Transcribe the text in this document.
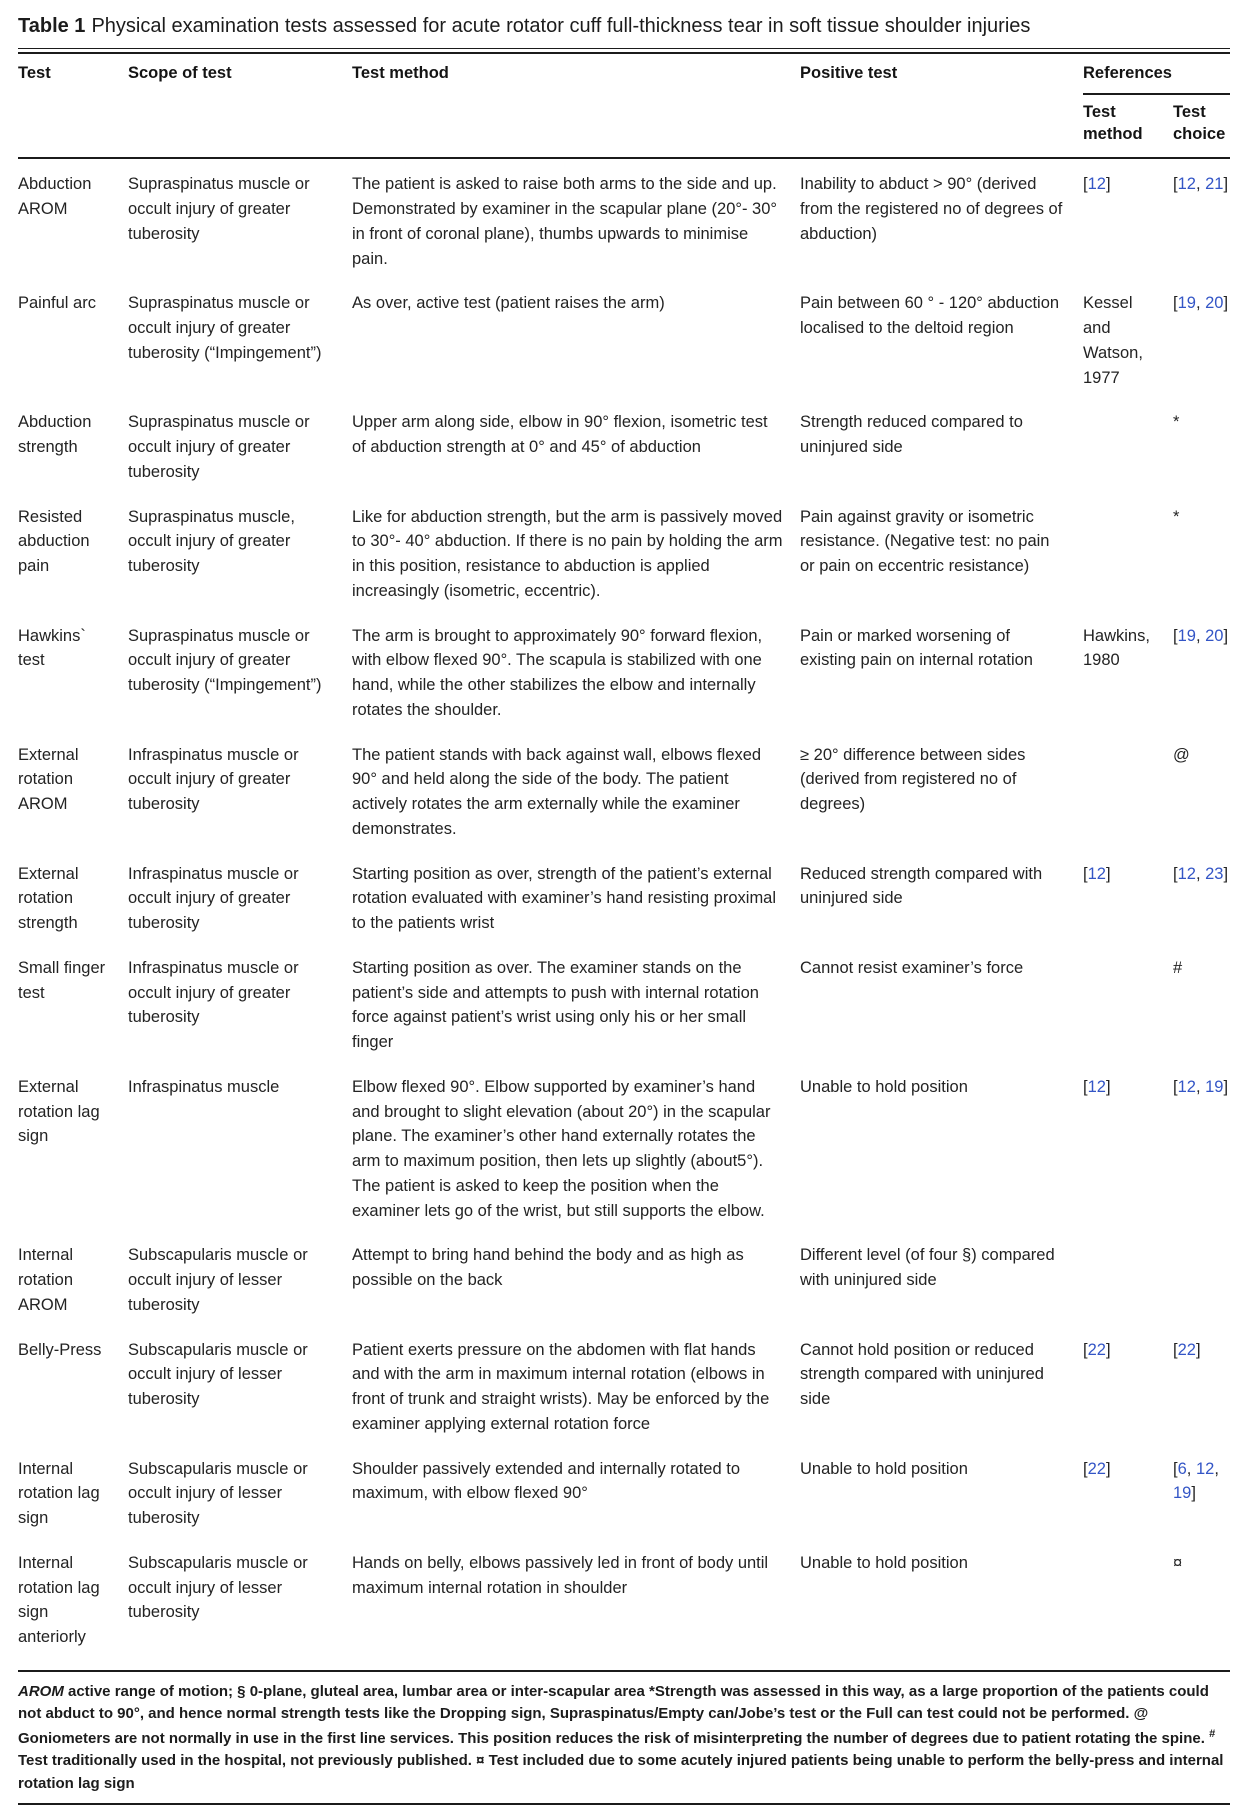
Table 1 Physical examination tests assessed for acute rotator cuff full-thickness tear in soft tissue shoulder injuries
Test	Scope of test	Test method	Positive test	References	
				Test method	Test choice
Abduction AROM	Supraspinatus muscle or occult injury of greater tuberosity	The patient is asked to raise both arms to the side and up. Demonstrated by examiner in the scapular plane (20°- 30° in front of coronal plane), thumbs upwards to minimise pain.	Inability to abduct > 90° (derived from the registered no of degrees of abduction)	[12]	[12, 21]
Painful arc	Supraspinatus muscle or occult injury of greater tuberosity (“Impingement”)	As over, active test (patient raises the arm)	Pain between 60 ° - 120° abduction localised to the deltoid region	Kessel and Watson, 1977	[19, 20]
Abduction strength	Supraspinatus muscle or occult injury of greater tuberosity	Upper arm along side, elbow in 90° flexion, isometric test of abduction strength at 0° and 45° of abduction	Strength reduced compared to uninjured side		*
Resisted abduction pain	Supraspinatus muscle, occult injury of greater tuberosity	Like for abduction strength, but the arm is passively moved to 30°- 40° abduction. If there is no pain by holding the arm in this position, resistance to abduction is applied increasingly (isometric, eccentric).	Pain against gravity or isometric resistance. (Negative test: no pain or pain on eccentric resistance)		*
Hawkins` test	Supraspinatus muscle or occult injury of greater tuberosity (“Impingement”)	The arm is brought to approximately 90° forward flexion, with elbow flexed 90°. The scapula is stabilized with one hand, while the other stabilizes the elbow and internally rotates the shoulder.	Pain or marked worsening of existing pain on internal rotation	Hawkins, 1980	[19, 20]
External rotation AROM	Infraspinatus muscle or occult injury of greater tuberosity	The patient stands with back against wall, elbows flexed 90° and held along the side of the body. The patient actively rotates the arm externally while the examiner demonstrates.	≥ 20° difference between sides (derived from registered no of degrees)		@
External rotation strength	Infraspinatus muscle or occult injury of greater tuberosity	Starting position as over, strength of the patient’s external rotation evaluated with examiner’s hand resisting proximal to the patients wrist	Reduced strength compared with uninjured side	[12]	[12, 23]
Small finger test	Infraspinatus muscle or occult injury of greater tuberosity	Starting position as over. The examiner stands on the patient’s side and attempts to push with internal rotation force against patient’s wrist using only his or her small finger	Cannot resist examiner’s force		#
External rotation lag sign	Infraspinatus muscle	Elbow flexed 90°. Elbow supported by examiner’s hand and brought to slight elevation (about 20°) in the scapular plane. The examiner’s other hand externally rotates the arm to maximum position, then lets up slightly (about5°). The patient is asked to keep the position when the examiner lets go of the wrist, but still supports the elbow.	Unable to hold position	[12]	[12, 19]
Internal rotation AROM	Subscapularis muscle or occult injury of lesser tuberosity	Attempt to bring hand behind the body and as high as possible on the back	Different level (of four §) compared with uninjured side		
Belly-Press	Subscapularis muscle or occult injury of lesser tuberosity	Patient exerts pressure on the abdomen with flat hands and with the arm in maximum internal rotation (elbows in front of trunk and straight wrists). May be enforced by the examiner applying external rotation force	Cannot hold position or reduced strength compared with uninjured side	[22]	[22]
Internal rotation lag sign	Subscapularis muscle or occult injury of lesser tuberosity	Shoulder passively extended and internally rotated to maximum, with elbow flexed 90°	Unable to hold position	[22]	[6, 12, 19]
Internal rotation lag sign anteriorly	Subscapularis muscle or occult injury of lesser tuberosity	Hands on belly, elbows passively led in front of body until maximum internal rotation in shoulder	Unable to hold position		¤
AROM active range of motion; § 0-plane, gluteal area, lumbar area or inter-scapular area *Strength was assessed in this way, as a large proportion of the patients could not abduct to 90°, and hence normal strength tests like the Dropping sign, Supraspinatus/Empty can/Jobe’s test or the Full can test could not be performed. @ Goniometers are not normally in use in the first line services. This position reduces the risk of misinterpreting the number of degrees due to patient rotating the spine. # Test traditionally used in the hospital, not previously published. ¤ Test included due to some acutely injured patients being unable to perform the belly-press and internal rotation lag sign
